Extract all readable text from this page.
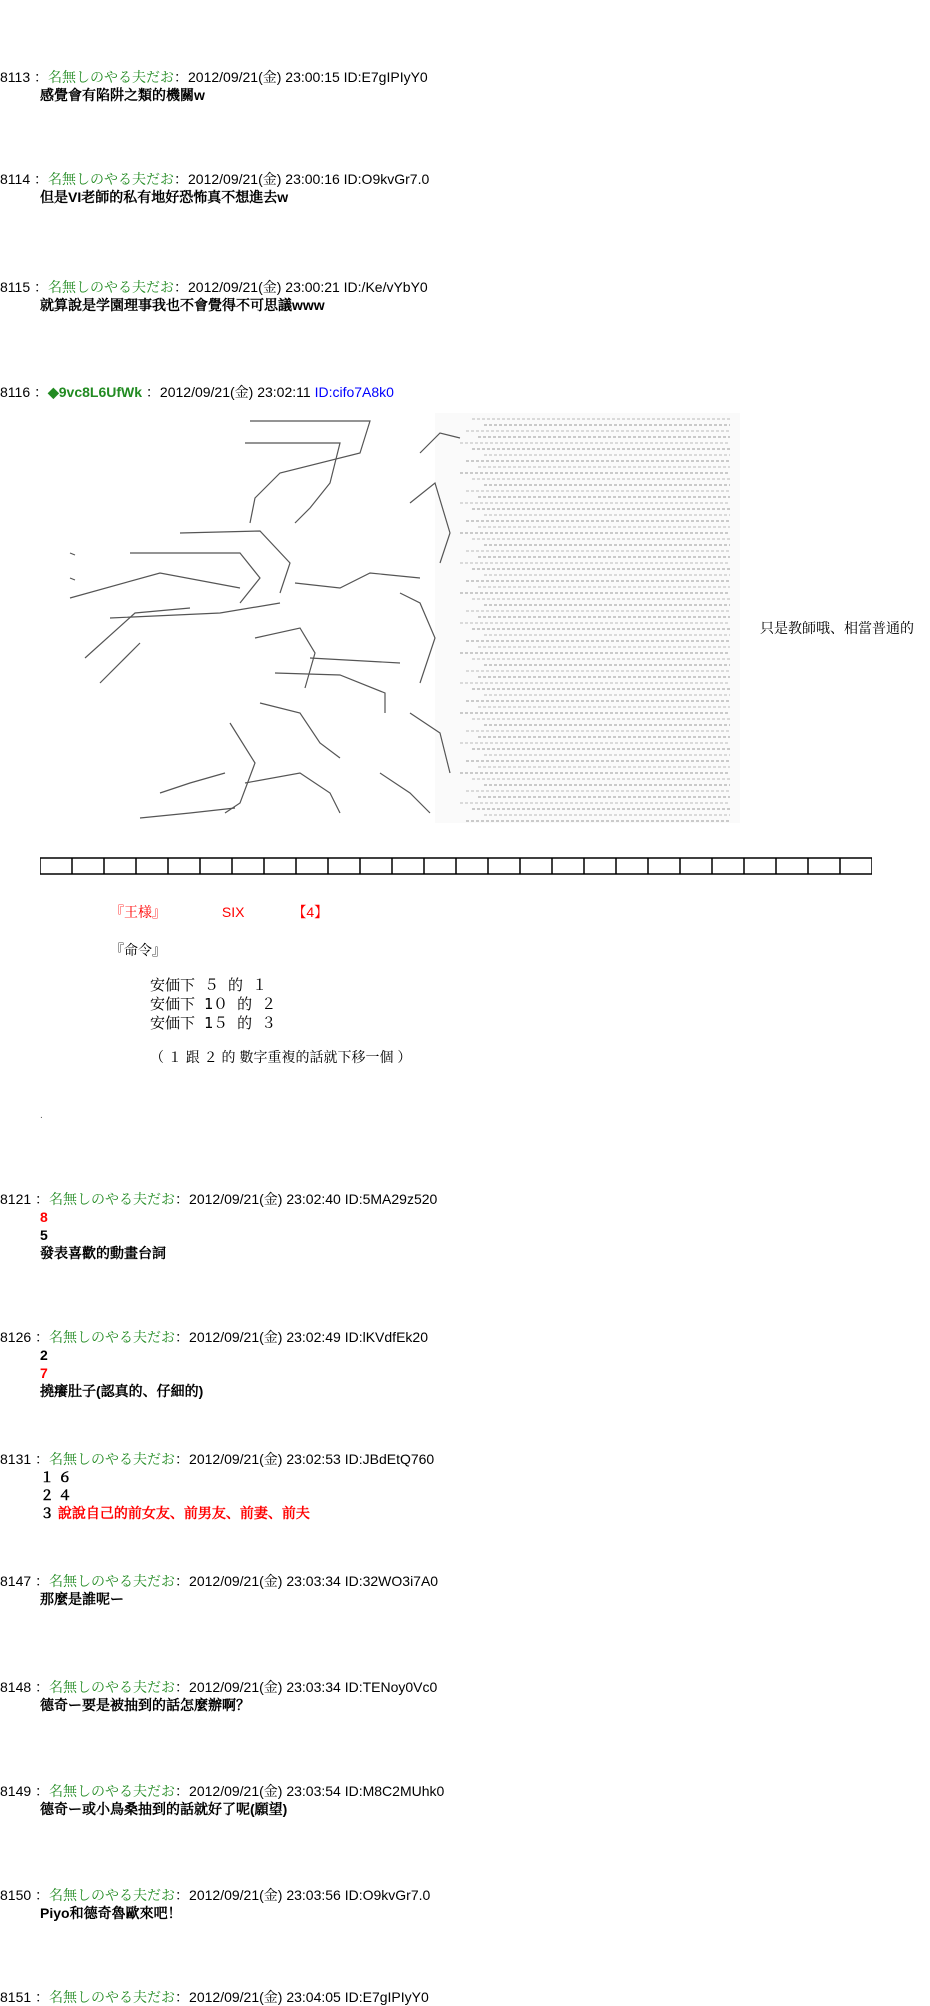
8113 ：名無しのやる夫だお：2012/09/21(金) 23:00:15 ID:E7gIPIyY0
感覺會有陷阱之類的機關w
8114 ：名無しのやる夫だお：2012/09/21(金) 23:00:16 ID:O9kvGr7.0
但是VI老師的私有地好恐怖真不想進去w
8115 ：名無しのやる夫だお：2012/09/21(金) 23:00:21 ID:/Ke/vYbY0
就算說是学園理事我也不會覺得不可思議www
8116 ：◆9vc8L6UfWk ：2012/09/21(金) 23:02:11 ID:cifo7A8k0
只是教師哦、相當普通的
『王様』	SIX	【4】
『命令』
安価下 ５ 的 １
安価下 1０ 的 ２
安価下 1５ 的 ３
（ １ 跟 ２ 的 數字重複的話就下移一個 ）
.
8121 ：名無しのやる夫だお：2012/09/21(金) 23:02:40 ID:5MA29z520
8
5
發表喜歡的動畫台詞
8126 ：名無しのやる夫だお：2012/09/21(金) 23:02:49 ID:lKVdfEk20
2
7
撓癢肚子(認真的、仔細的)
8131 ：名無しのやる夫だお：2012/09/21(金) 23:02:53 ID:JBdEtQ760
１ ６
２ ４
３ 說說自己的前女友、前男友、前妻、前夫
8147 ：名無しのやる夫だお：2012/09/21(金) 23:03:34 ID:32WO3i7A0
那麼是誰呢ー
8148 ：名無しのやる夫だお：2012/09/21(金) 23:03:34 ID:TENoy0Vc0
德奇ー要是被抽到的話怎麼辦啊？
8149 ：名無しのやる夫だお：2012/09/21(金) 23:03:54 ID:M8C2MUhk0
德奇ー或小鳥桑抽到的話就好了呢(願望)
8150 ：名無しのやる夫だお：2012/09/21(金) 23:03:56 ID:O9kvGr7.0
Piyo和德奇魯歐來吧！
8151 ：名無しのやる夫だお：2012/09/21(金) 23:04:05 ID:E7gIPIyY0
